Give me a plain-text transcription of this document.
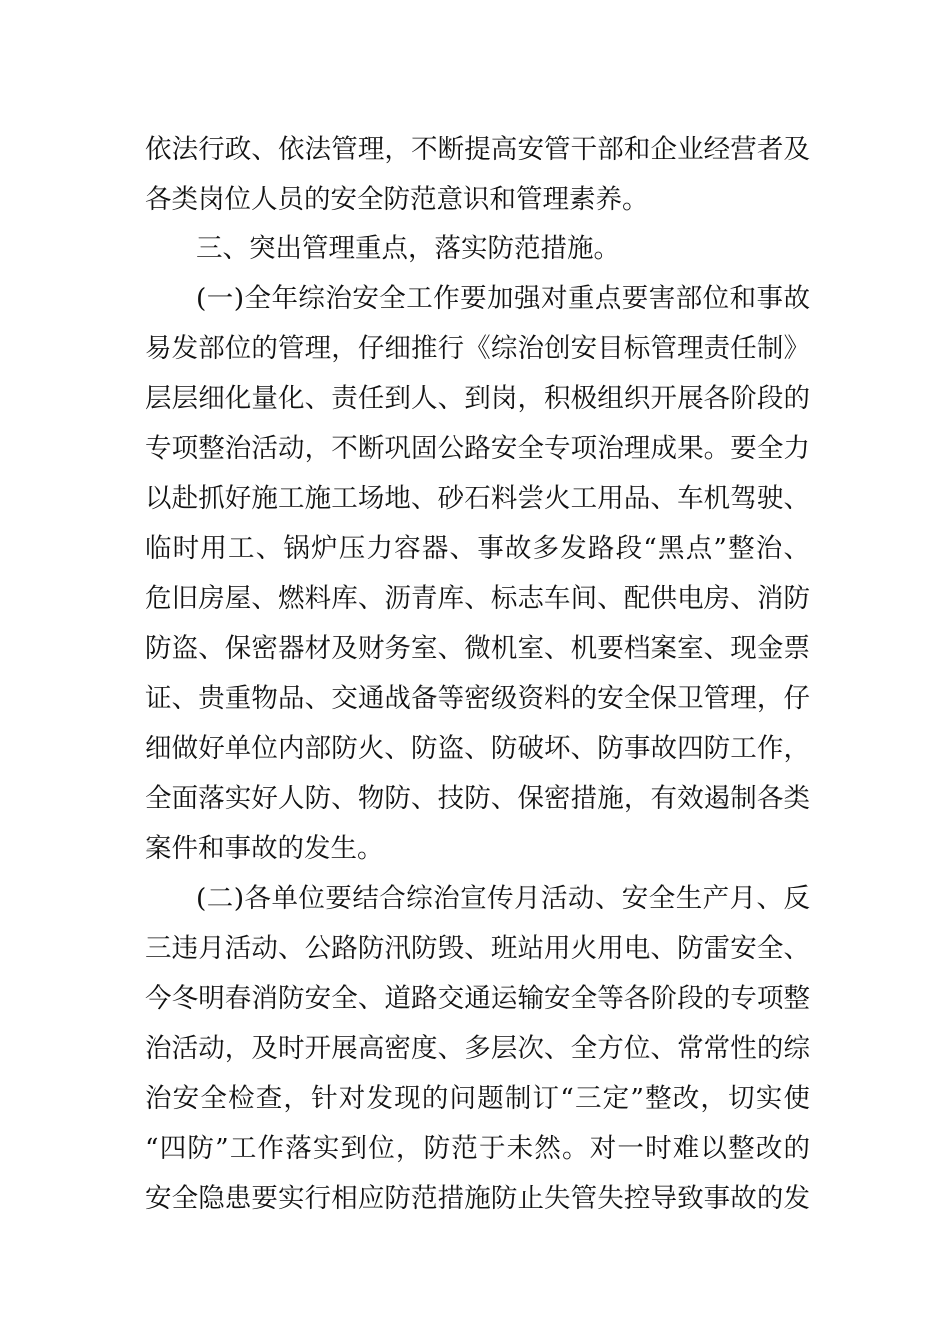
依法行政、依法管理，不断提高安管干部和企业经营者及
各类岗位人员的安全防范意识和管理素养。
三、突出管理重点，落实防范措施。
(一)全年综治安全工作要加强对重点要害部位和事故
易发部位的管理，仔细推行《综治创安目标管理责任制》
层层细化量化、责任到人、到岗，积极组织开展各阶段的
专项整治活动，不断巩固公路安全专项治理成果。要全力
以赴抓好施工施工场地、砂石料尝火工用品、车机驾驶、
临时用工、锅炉压力容器、事故多发路段“黑点”整治、
危旧房屋、燃料库、沥青库、标志车间、配供电房、消防
防盗、保密器材及财务室、微机室、机要档案室、现金票
证、贵重物品、交通战备等密级资料的安全保卫管理，仔
细做好单位内部防火、防盗、防破坏、防事故四防工作，
全面落实好人防、物防、技防、保密措施，有效遏制各类
案件和事故的发生。
(二)各单位要结合综治宣传月活动、安全生产月、反
三违月活动、公路防汛防毁、班站用火用电、防雷安全、
今冬明春消防安全、道路交通运输安全等各阶段的专项整
治活动，及时开展高密度、多层次、全方位、常常性的综
治安全检查，针对发现的问题制订“三定”整改，切实使
“四防”工作落实到位，防范于未然。对一时难以整改的
安全隐患要实行相应防范措施防止失管失控导致事故的发
